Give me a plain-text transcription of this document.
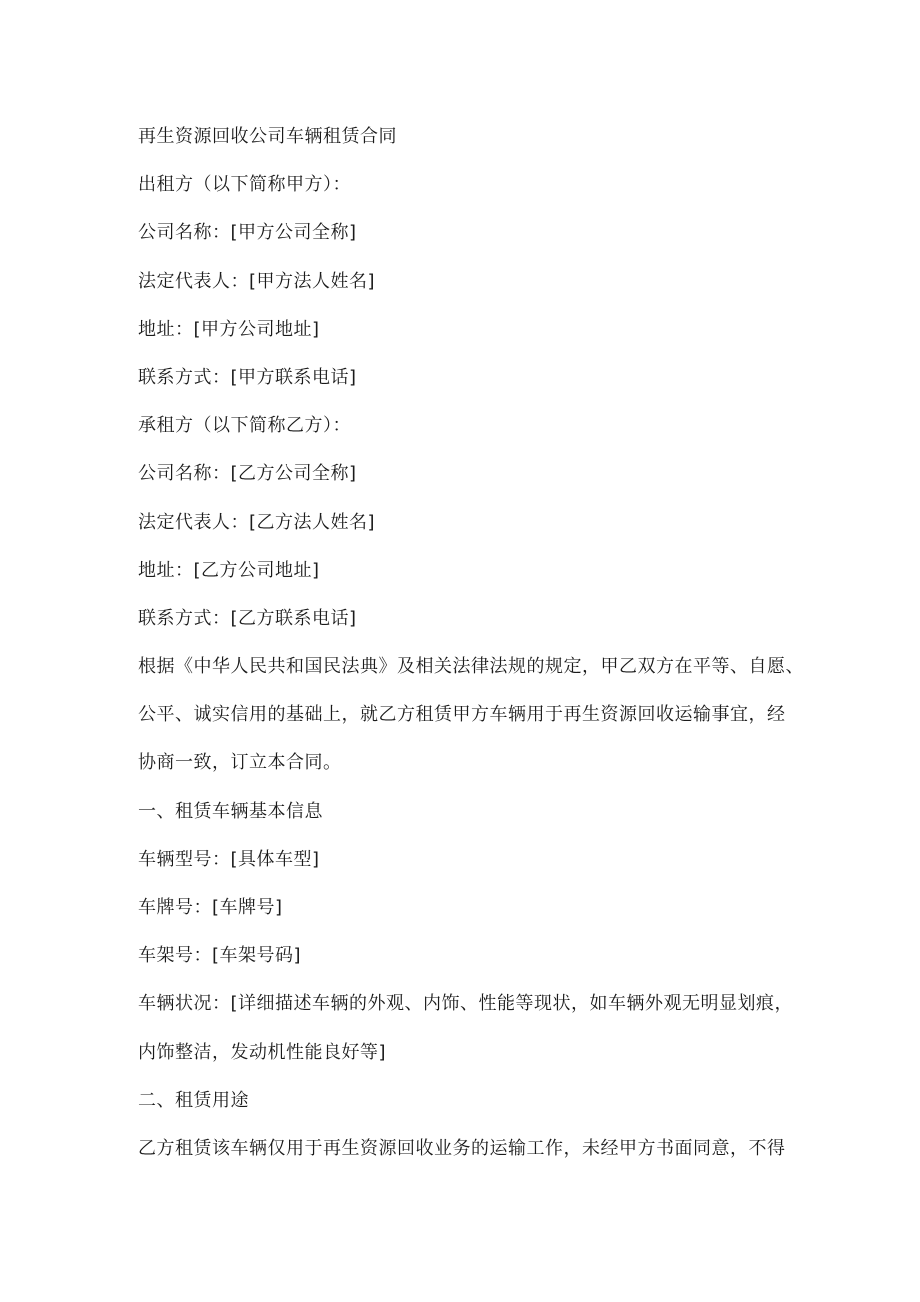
再生资源回收公司车辆租赁合同
出租方（以下简称甲方）：
公司名称：[甲方公司全称]
法定代表人：[甲方法人姓名]
地址：[甲方公司地址]
联系方式：[甲方联系电话]
承租方（以下简称乙方）：
公司名称：[乙方公司全称]
法定代表人：[乙方法人姓名]
地址：[乙方公司地址]
联系方式：[乙方联系电话]
根据《中华人民共和国民法典》及相关法律法规的规定，甲乙双方在平等、自愿、
公平、诚实信用的基础上，就乙方租赁甲方车辆用于再生资源回收运输事宜，经
协商一致，订立本合同。
一、租赁车辆基本信息
车辆型号：[具体车型]
车牌号：[车牌号]
车架号：[车架号码]
车辆状况：[详细描述车辆的外观、内饰、性能等现状，如车辆外观无明显划痕，
内饰整洁，发动机性能良好等]
二、租赁用途
乙方租赁该车辆仅用于再生资源回收业务的运输工作，未经甲方书面同意，不得
